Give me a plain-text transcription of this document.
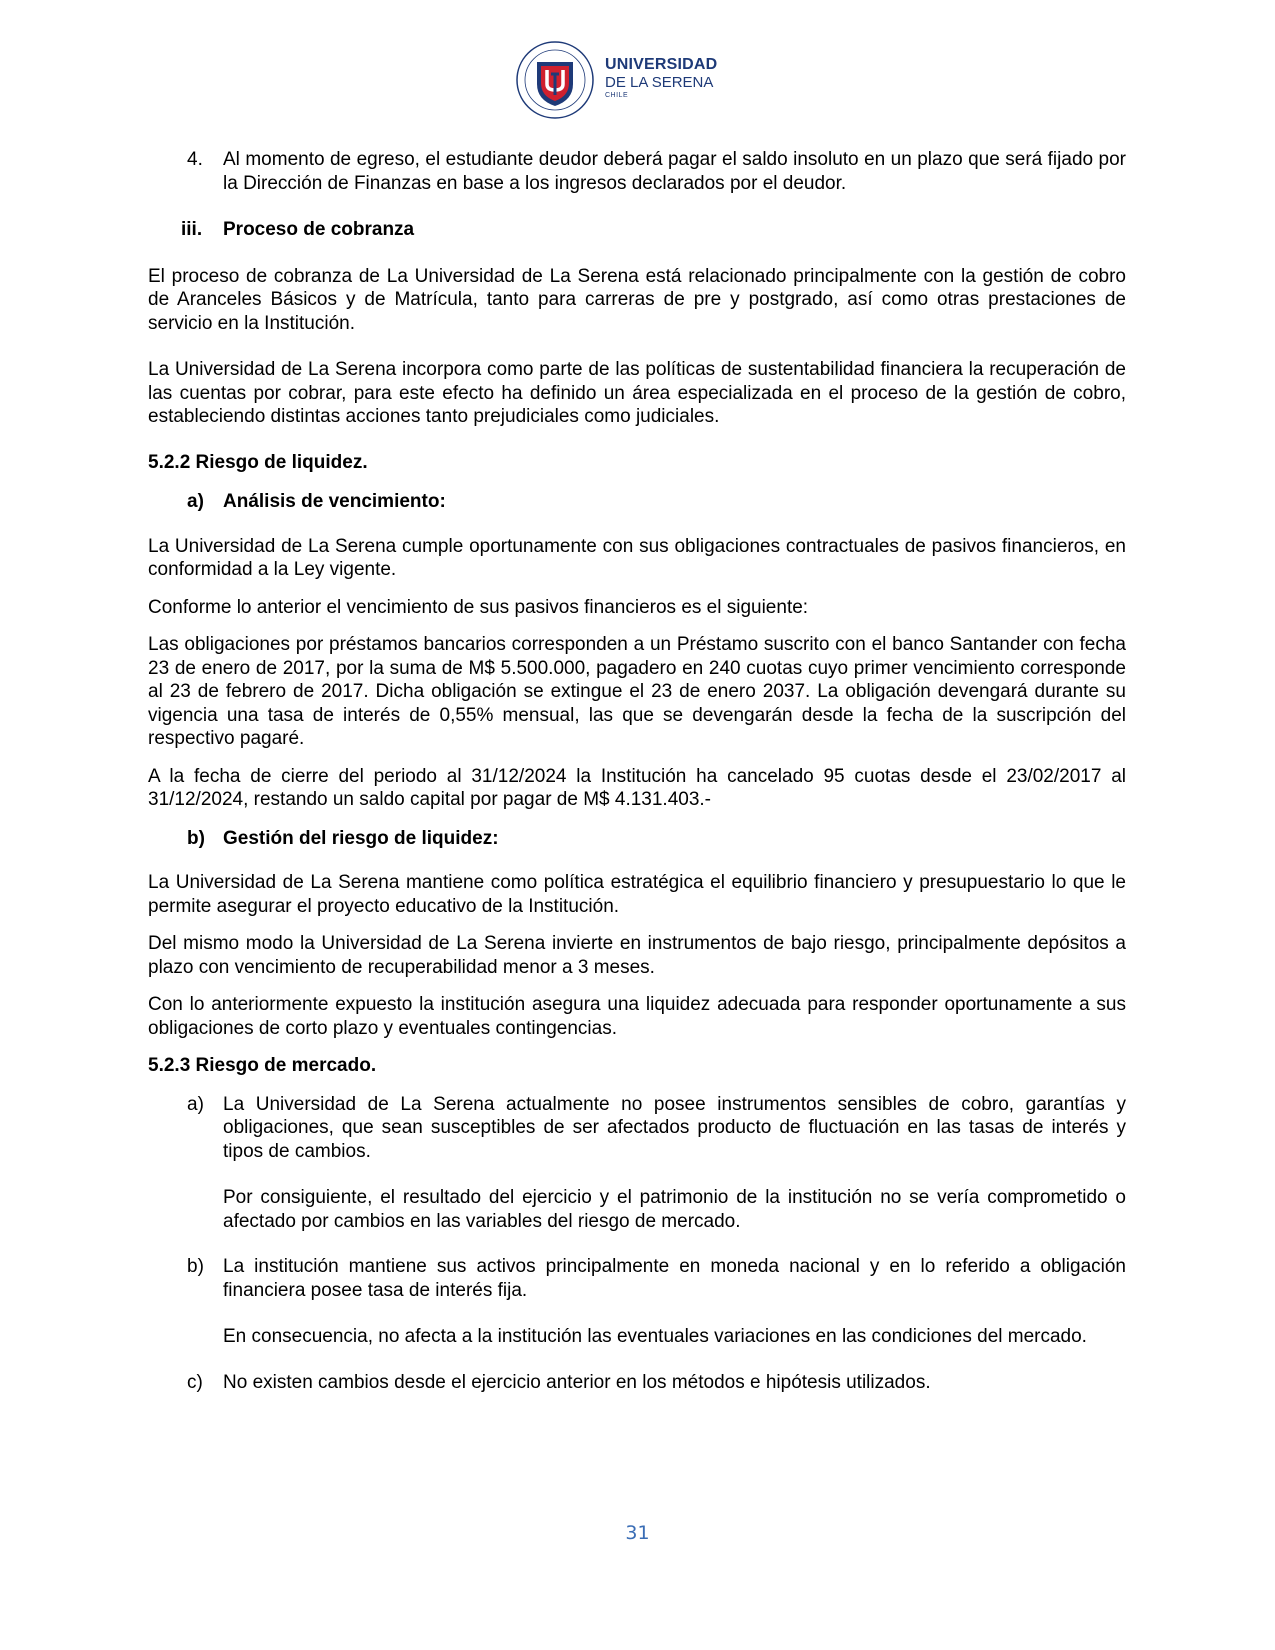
UNIVERSIDAD
DE LA SERENA
CHILE
4.	Al momento de egreso, el estudiante deudor deberá pagar el saldo insoluto en un plazo que será fijado por la Dirección de Finanzas en base a los ingresos declarados por el deudor.
iii.	Proceso de cobranza

El proceso de cobranza de La Universidad de La Serena está relacionado principalmente con la gestión de cobro de Aranceles Básicos y de Matrícula, tanto para carreras de pre y postgrado, así como otras prestaciones de servicio en la Institución.

La Universidad de La Serena incorpora como parte de las políticas de sustentabilidad financiera la recuperación de las cuentas por cobrar, para este efecto ha definido un área especializada en el proceso de la gestión de cobro, estableciendo distintas acciones tanto prejudiciales como judiciales.

5.2.2 Riesgo de liquidez.

a)	Análisis de vencimiento:

La Universidad de La Serena cumple oportunamente con sus obligaciones contractuales de pasivos financieros, en conformidad a la Ley vigente.

Conforme lo anterior el vencimiento de sus pasivos financieros es el siguiente:

Las obligaciones por préstamos bancarios corresponden a un Préstamo suscrito con el banco Santander con fecha 23 de enero de 2017, por la suma de M$ 5.500.000, pagadero en 240 cuotas cuyo primer vencimiento corresponde al 23 de febrero de 2017. Dicha obligación se extingue el 23 de enero 2037. La obligación devengará durante su vigencia una tasa de interés de 0,55% mensual, las que se devengarán desde la fecha de la suscripción del respectivo pagaré.

A la fecha de cierre del periodo al 31/12/2024 la Institución ha cancelado 95 cuotas desde el 23/02/2017 al 31/12/2024, restando un saldo capital por pagar de M$ 4.131.403.-

b) Gestión del riesgo de liquidez:

La Universidad de La Serena mantiene como política estratégica el equilibrio financiero y presupuestario lo que le permite asegurar el proyecto educativo de la Institución.

Del mismo modo la Universidad de La Serena invierte en instrumentos de bajo riesgo, principalmente depósitos a plazo con vencimiento de recuperabilidad menor a 3 meses.

Con lo anteriormente expuesto la institución asegura una liquidez adecuada para responder oportunamente a sus obligaciones de corto plazo y eventuales contingencias.

5.2.3 Riesgo de mercado.

a)	La Universidad de La Serena actualmente no posee instrumentos sensibles de cobro, garantías y obligaciones, que sean susceptibles de ser afectados producto de fluctuación en las tasas de interés y tipos de cambios.

Por consiguiente, el resultado del ejercicio y el patrimonio de la institución no se vería comprometido o afectado por cambios en las variables del riesgo de mercado.

b)	La institución mantiene sus activos principalmente en moneda nacional y en lo referido a obligación financiera posee tasa de interés fija.

En consecuencia, no afecta a la institución las eventuales variaciones en las condiciones del mercado.

c)	No existen cambios desde el ejercicio anterior en los métodos e hipótesis utilizados.
31
